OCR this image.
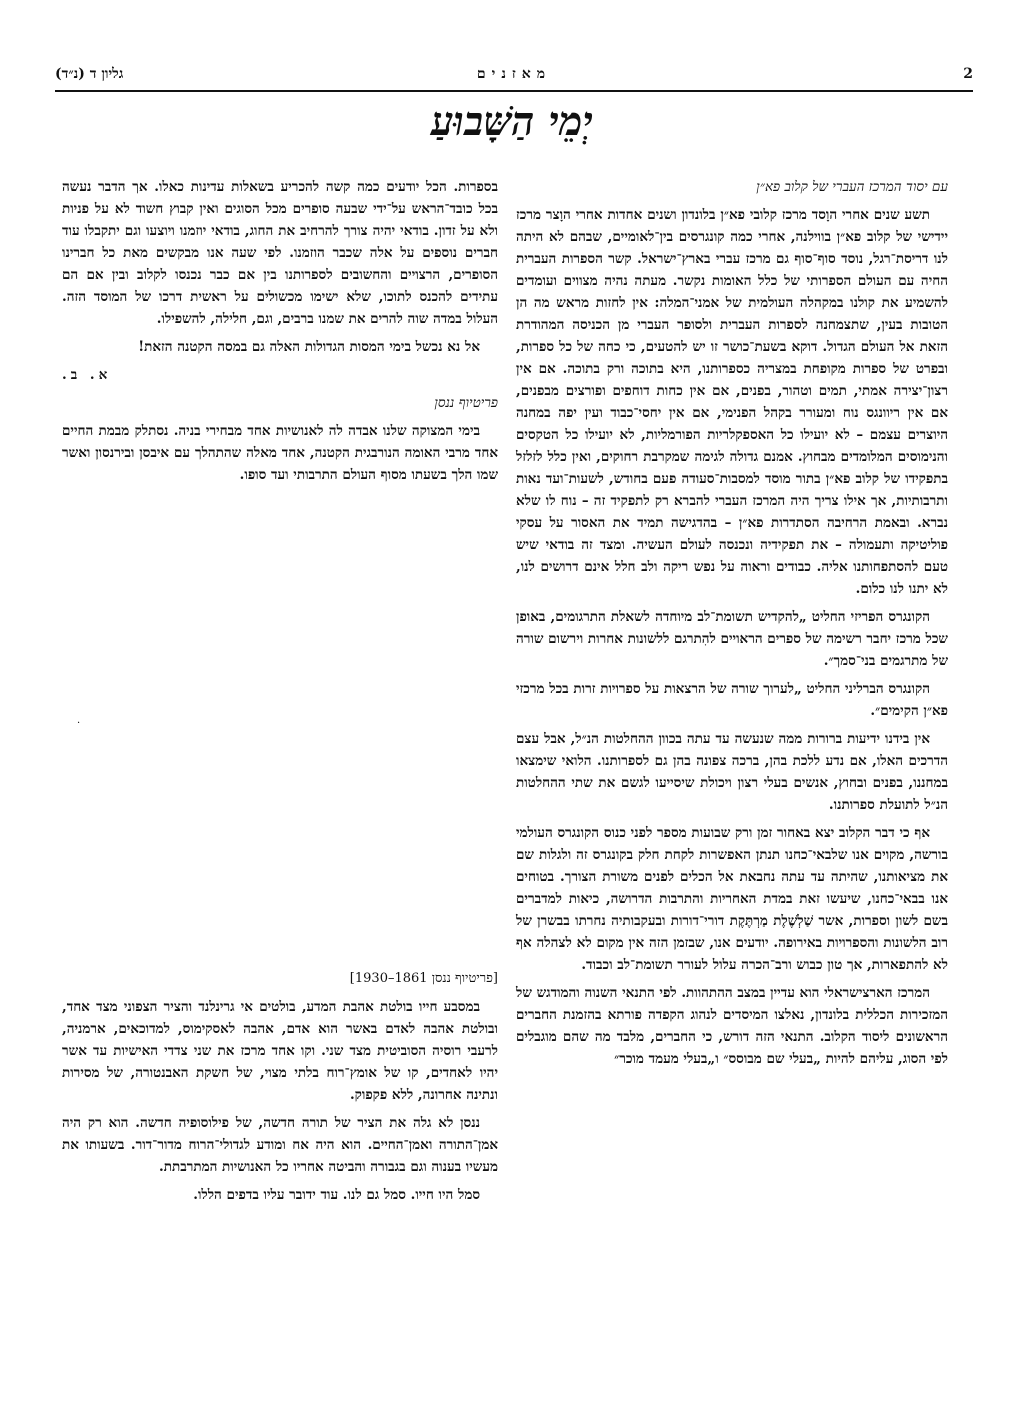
2
מאזנים
גליון ד (נ״ד)
יְמֵי הַשָּׁבוּעַ

עם יסוד המרכז העברי של קלוב פא״ן

תשע שנים אחרי הוָסד מרכז קלובי פא״ן בלונדון ושנים אחדות אחרי הוָצר מרכז יידישי של קלוב פא״ן בווילנה, אחרי כמה קונגרסים בין־לאומיים, שבהם לא היתה לנו דריסת־רגל, נוסד סוף־סוף גם מרכז עברי בארץ־ישראל. קשר הספרות העברית החיה עם העולם הספרותי של כלל האומות נקשר. מעתה נהיה מצווים ועומדים להשמיע את קולנו במקהלה העולמית של אמני־המלה: אין לחזות מראש מה הן הטובות בעין, שתצמחנה לספרות העברית ולסופר העברי מן הכניסה המהודרת הזאת אל העולם הגדול. דוקא בשעת־כושר זו יש להטעים, כי כחה של כל ספרות, ובפרט של ספרות מקופחת במצריה כספרותנו, היא בתוכה ורק בתוכה. אם אין רצון־יצירה אמתי, תמים וטהור, בפנים, אם אין כחות דוחפים ופורצים מבפנים, אם אין ריוונגס נוח ומעורר בקהל הפנימי, אם אין יחסי־כבוד ועין יפה במחנה היוצרים עצמם – לא יועילו כל האספקלריות הפורמליות, לא יועילו כל הטקסים והנימוסים המלומדים מבחוץ. אמנם גדולה לגימה שמקרבת רחוקים, ואין כלל לזלזל בתפקידו של קלוב פא״ן בתור מוסד למסבות־סעודה פעם בחודש, לשעות־ועד נאות ותרבותיות, אך אילו צריך היה המרכז העברי להברא רק לתפקיד זה – נוח לו שלא נברא. ובאמת הרחיבה הסתדרות פא״ן – בהדגישה תמיד את האסור על עסקי פוליטיקה ותעמולה – את תפקידיה ונכנסה לעולם העשיה. ומצד זה בודאי שיש טעם להסתפחותנו אליה. כבודים וראוה על נפש ריקה ולב חלל אינם דרושים לנו, לא יתנו לנו כלום.

הקונגרס הפריזי החליט „להקדיש תשומת־לב מיוחדה לשאלת התרגומים, באופן שכל מרכז יחבר רשימה של ספרים הראויים להִתרגם ללשונות אחרות וירשום שורה של מתרגמים בני־סמך״.

הקונגרס הברליני החליט „לערוך שורה של הרצאות על ספרויות זרות בכל מרכזי פא״ן הקימים״.

אין בידנו ידיעות ברורות ממה שנעשה עד עתה בכוון ההחלטות הנ״ל, אבל עצם הדרכים האלו, אם נדע ללכת בהן, ברכה צפונה בהן גם לספרותנו. הלואי שימצאו במחננו, בפנים ובחוץ, אנשים בעלי רצון ויכולת שיסייעו לגשם את שתי ההחלטות הנ״ל לתועלת ספרותנו.

אף כי דבר הקלוב יצא באחור זמן ורק שבועות מספר לפני כנוס הקונגרס העולמי בורשה, מקוים אנו שלבאי־כחנו תנתן האפשרות לקחת חלק בקונגרס זה ולגלות שם את מציאותנו, שהיתה עד עתה נחבאת אל הכלים לפנים משורת הצורך. בטוחים אנו בבאי־כחנו, שיעשו זאת במדת האחריות והתרבות הדרושה, כיאות למדברים בשם לשון וספרות, אשר שַׁלְשֶׁלֶת מַרְתֶּקֶת דורי־דורות ובעקבותיה נחרתו בבשרן של רוב הלשונות והספרויות באירופה. יודעים אנו, שבזמן הזה אין מקום לא לצהלה אף לא להתפארות, אך טון כבוש ורב־הכרה עלול לעורר תשומת־לב וכבוד.

המרכז הארצישראלי הוא עדיין במצב ההתהוות. לפי התנאי השנוה והמודגש של המזכירות הכללית בלונדון, נאלצו המיסדים לנהוג הקפדה פורתא בהזמנת החברים הראשונים ליסוד הקלוב. התנאי הזה דורש, כי החברים, מלבד מה שהם מוגבלים לפי הסוג, עליהם להיות „בעלי שם מבוסס״ ו„בעלי מעמד מוכר״

בספרות. הכל יודעים כמה קשה להכריע בשאלות עדינות כאלו. אך הדבר נעשה בכל כובד־הראש על־ידי שבעה סופרים מכל הסוגים ואין קבוץ חשוד לא על פניות ולא על זדון. בודאי יהיה צורך להרחיב את החוג, בודאי יוזמנו ויוצעו וגם יתקבלו עוד חברים נוספים על אלה שכבר הוזמנו. לפי שעה אנו מבקשים מאת כל חברינו הסופרים, הרצויים והחשובים לספרותנו בין אם כבר נכנסו לקלוב ובין אם הם עתידים להכנס לתוכו, שלא ישימו מכשולים על ראשית דרכו של המוסד הזה. העלול במדה שוה להרים את שמנו ברבים, וגם, חלילה, להשפילו.

אל נא נכשל בימי המסות הגדולות האלה גם במסה הקטנה הזאת!

א. ב.

פריטיוף ננסן

בימי המצוקה שלנו אבדה לה לאנושיות אחד מבחירי בניה. נסתלק מבמת החיים אחד מרבי האומה הנורבגית הקטנה, אחד מאלה שהתהלך עם איבסן ובירנסון ואשר שמו הלך בשעתו מסוף העולם התרבותי ועד סופו.

[פריטיוף ננסן 1861–1930]

במסבע חייו בולטת אהבת המדע, בולטים אי גרינלנד והציר הצפוני מצד אחד, ובולטת אהבה לאדם באשר הוא אדם, אהבה לאסקימוס, למדוכאים, ארמניה, לרעבי רוסיה הסוביטית מצד שני. וקו אחד מרכז את שני צדדי האישיות עד אשר יהיו לאחדים, קו של אומץ־רוח בלתי מצוי, של חשקת האבנטורה, של מסירות ונתינה אחרונה, ללא פקפוק.

ננסן לא גלה את הציר של תורה חדשה, של פילוסופיה חדשה. הוא רק היה אמן־התורה ואמן־החיים. הוא היה אח ומודע לגדולי־הרוח מדור־דור. בשעותו את מעשיו בענוה וגם בגבורה והביטה אחריו כל האנושיות המתרבתת.

סמל היו חייו. סמל גם לנו. עוד ידובר עליו בדפים הללו.

·
